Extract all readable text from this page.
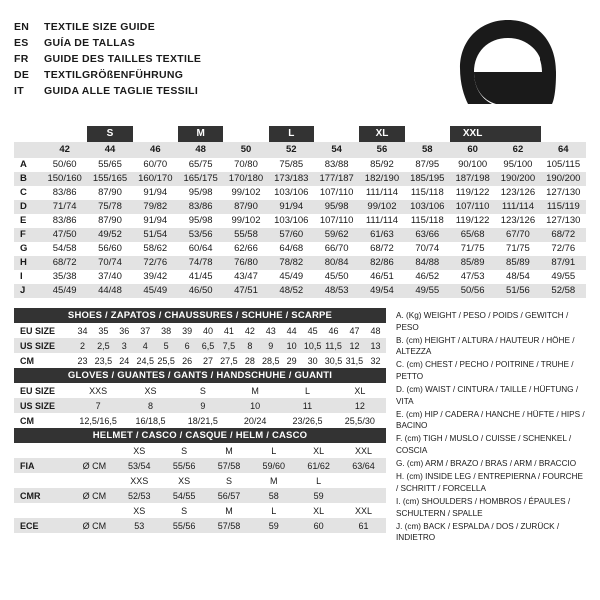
EN	TEXTILE SIZE GUIDE
ES	GUÍA DE TALLAS
FR	GUIDE DES TAILLES TEXTILE
DE	TEXTILGRÖßENFÜHRUNG
IT	GUIDA ALLE TAGLIE TESSILI
		S		M		L		XL		XXL		
	42	44	46	48	50	52	54	56	58	60	62	64
A	50/60	55/65	60/70	65/75	70/80	75/85	83/88	85/92	87/95	90/100	95/100	105/115
B	150/160	155/165	160/170	165/175	170/180	173/183	177/187	182/190	185/195	187/198	190/200	190/200
C	83/86	87/90	91/94	95/98	99/102	103/106	107/110	111/114	115/118	119/122	123/126	127/130
D	71/74	75/78	79/82	83/86	87/90	91/94	95/98	99/102	103/106	107/110	111/114	115/119
E	83/86	87/90	91/94	95/98	99/102	103/106	107/110	111/114	115/118	119/122	123/126	127/130
F	47/50	49/52	51/54	53/56	55/58	57/60	59/62	61/63	63/66	65/68	67/70	68/72
G	54/58	56/60	58/62	60/64	62/66	64/68	66/70	68/72	70/74	71/75	71/75	72/76
H	68/72	70/74	72/76	74/78	76/80	78/82	80/84	82/86	84/88	85/89	85/89	87/91
I	35/38	37/40	39/42	41/45	43/47	45/49	45/50	46/51	46/52	47/53	48/54	49/55
J	45/49	44/48	45/49	46/50	47/51	48/52	48/53	49/54	49/55	50/56	51/56	52/58
SHOES / ZAPATOS / CHAUSSURES / SCHUHE / SCARPE
EU SIZE	34	35	36	37	38	39	40	41	42	43	44	45	46	47	48
US SIZE	2	2,5	3	4	5	6	6,5	7,5	8	9	10	10,5	11,5	12	13
CM	23	23,5	24	24,5	25,5	26	27	27,5	28	28,5	29	30	30,5	31,5	32
GLOVES / GUANTES / GANTS / HANDSCHUHE / GUANTI
EU SIZE	XXS	XS	S	M	L	XL
US SIZE	7	8	9	10	11	12
CM	12,5/16,5	16/18,5	18/21,5	20/24	23/26,5	25,5/30
HELMET / CASCO / CASQUE / HELM / CASCO
		XS	S	M	L	XL	XXL
FIA	Ø CM	53/54	55/56	57/58	59/60	61/62	63/64
		XXS	XS	S	M	L	
CMR	Ø CM	52/53	54/55	56/57	58	59	
		XS	S	M	L	XL	XXL
ECE	Ø CM	53	55/56	57/58	59	60	61
A. (Kg) WEIGHT / PESO / POIDS / GEWITCH / PESO
B. (cm) HEIGHT / ALTURA / HAUTEUR / HÖHE / ALTEZZA
C. (cm) CHEST / PECHO / POITRINE / TRUHE / PETTO
D. (cm) WAIST / CINTURA / TAILLE / HÜFTUNG / VITA
E. (cm) HIP / CADERA / HANCHE / HÜFTE / HIPS / BACINO
F. (cm) TIGH / MUSLO / CUISSE / SCHENKEL / COSCIA
G. (cm) ARM / BRAZO / BRAS / ARM / BRACCIO
H. (cm) INSIDE LEG / ENTREPIERNA / FOURCHE / SCHRITT / FORCELLA
I. (cm) SHOULDERS / HOMBROS / ÉPAULES / SCHULTERN / SPALLE
J. (cm) BACK / ESPALDA / DOS / ZURÜCK / INDIETRO
